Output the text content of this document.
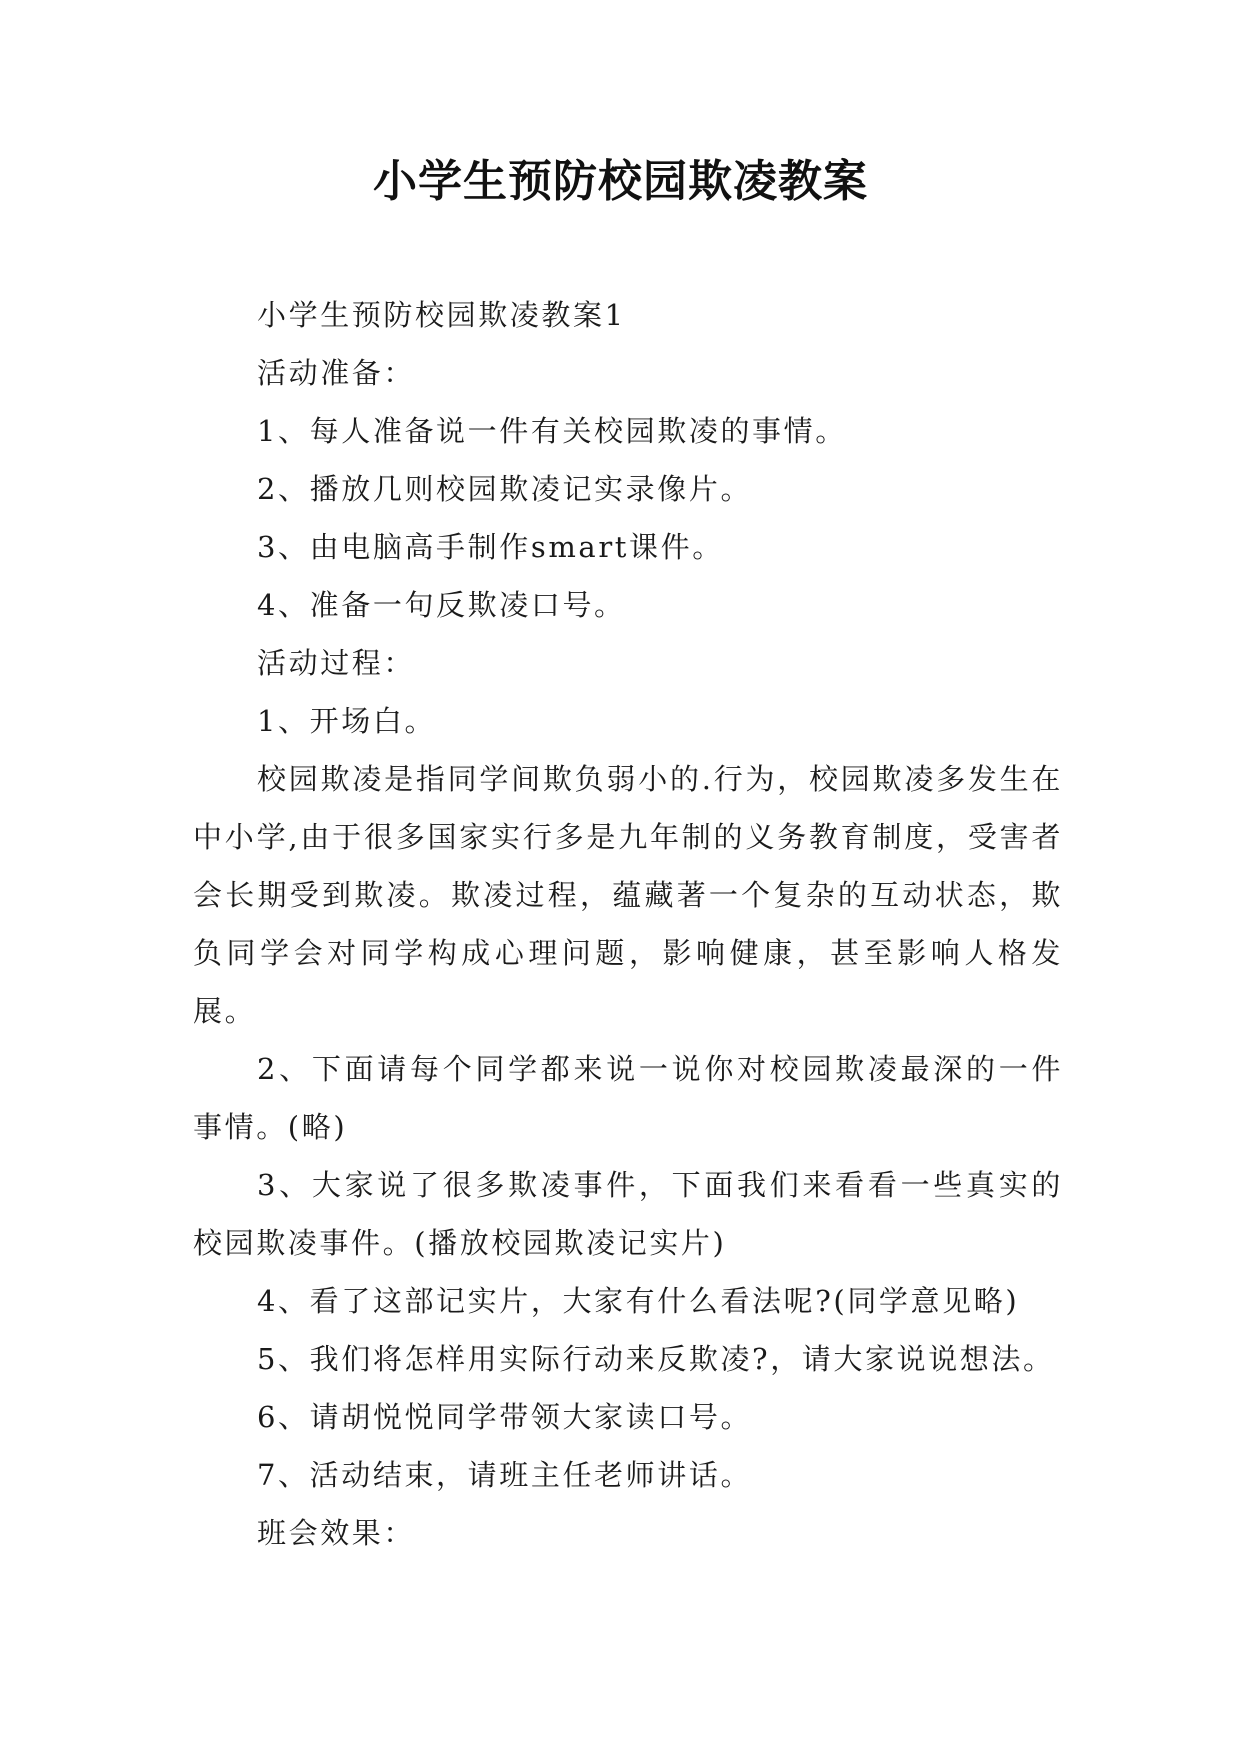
小学生预防校园欺凌教案

小学生预防校园欺凌教案1

活动准备：

1、每人准备说一件有关校园欺凌的事情。

2、播放几则校园欺凌记实录像片。

3、由电脑高手制作smart课件。

4、准备一句反欺凌口号。

活动过程：

1、开场白。

校园欺凌是指同学间欺负弱小的.行为，校园欺凌多发生在中小学,由于很多国家实行多是九年制的义务教育制度，受害者会长期受到欺凌。欺凌过程，蕴藏著一个复杂的互动状态，欺负同学会对同学构成心理问题，影响健康，甚至影响人格发展。

2、下面请每个同学都来说一说你对校园欺凌最深的一件事情。(略)

3、大家说了很多欺凌事件，下面我们来看看一些真实的校园欺凌事件。(播放校园欺凌记实片)

4、看了这部记实片，大家有什么看法呢?(同学意见略)

5、我们将怎样用实际行动来反欺凌?，请大家说说想法。

6、请胡悦悦同学带领大家读口号。

7、活动结束，请班主任老师讲话。

班会效果：
